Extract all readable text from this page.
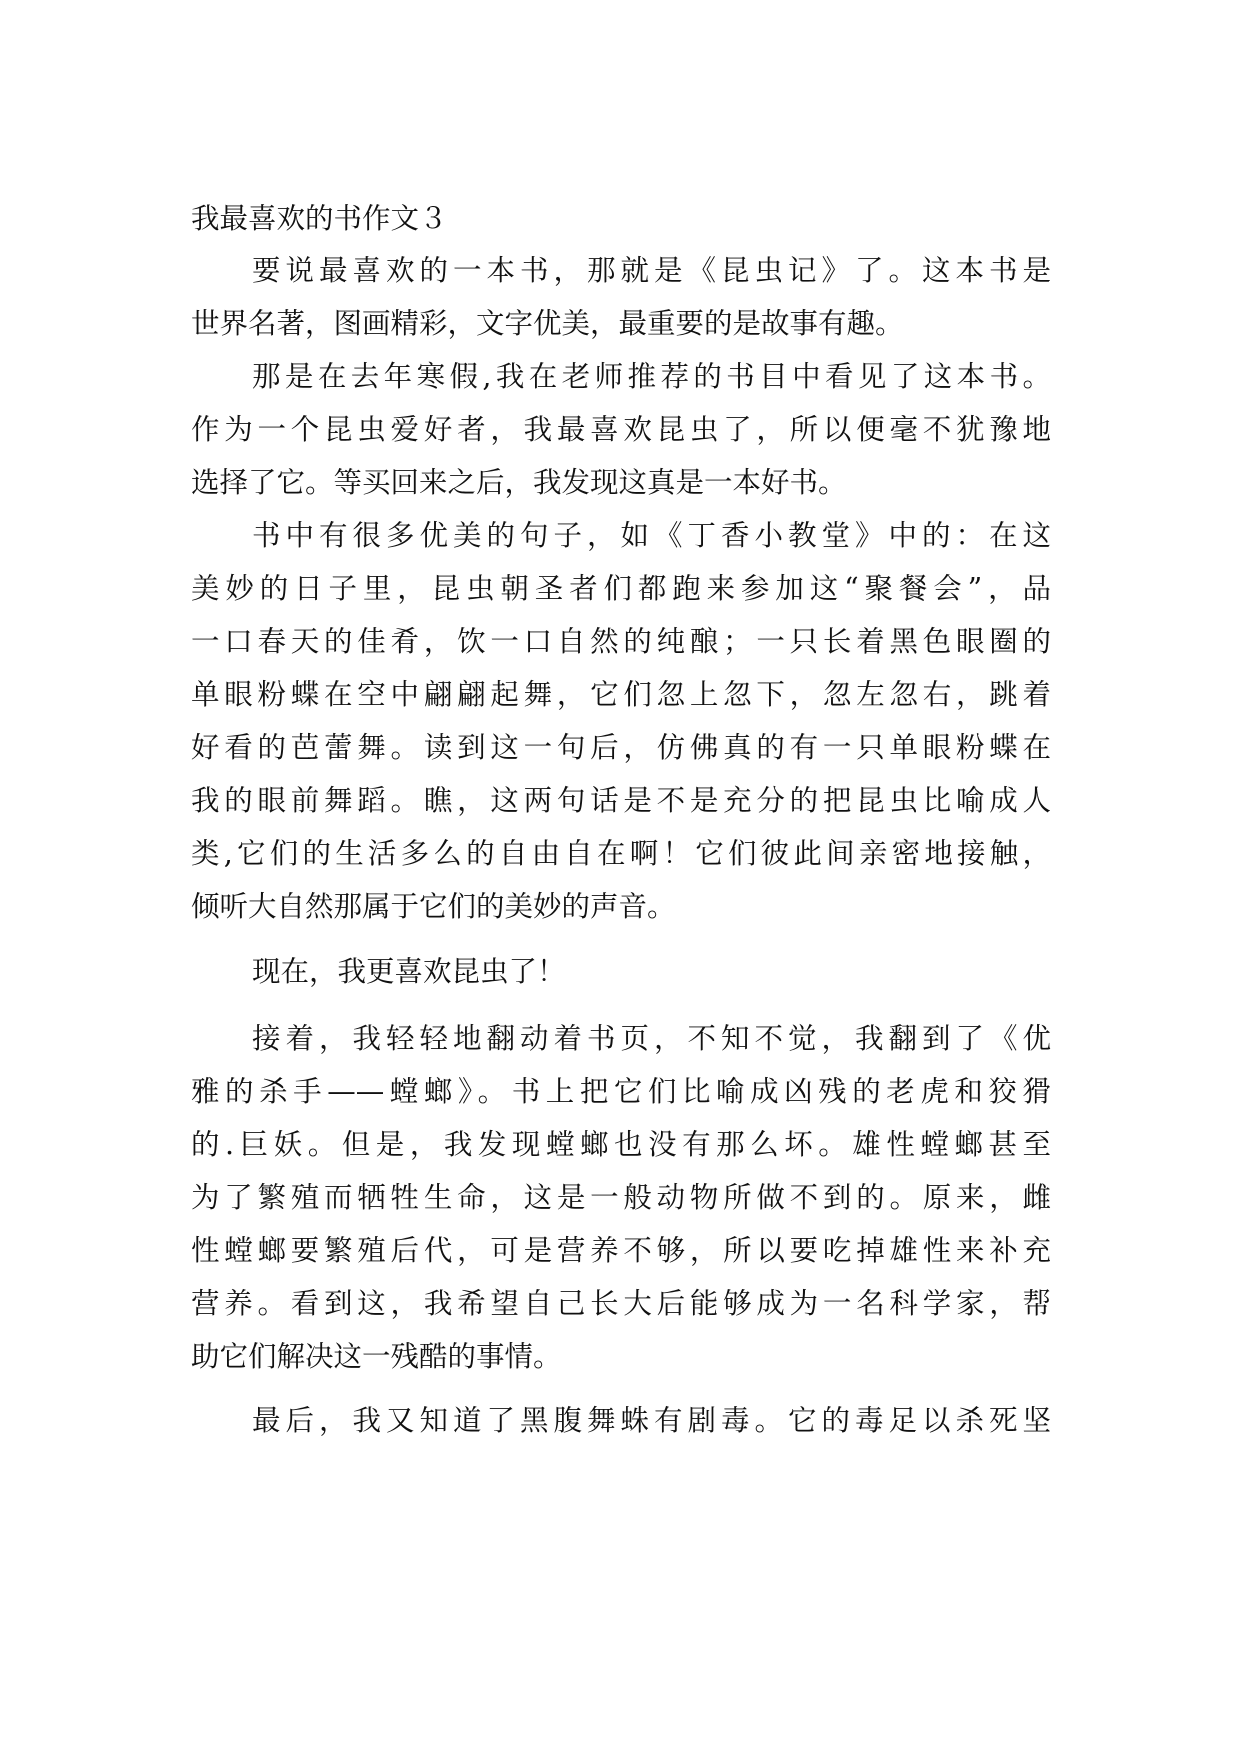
我最喜欢的书作文３
要说最喜欢的一本书，那就是《昆虫记》了。这本书是
世界名著，图画精彩，文字优美，最重要的是故事有趣。
那是在去年寒假,我在老师推荐的书目中看见了这本书。
作为一个昆虫爱好者，我最喜欢昆虫了，所以便毫不犹豫地
选择了它。等买回来之后，我发现这真是一本好书。
书中有很多优美的句子，如《丁香小教堂》中的：在这
美妙的日子里，昆虫朝圣者们都跑来参加这“聚餐会”，品
一口春天的佳肴，饮一口自然的纯酿；一只长着黑色眼圈的
单眼粉蝶在空中翩翩起舞，它们忽上忽下，忽左忽右，跳着
好看的芭蕾舞。读到这一句后，仿佛真的有一只单眼粉蝶在
我的眼前舞蹈。瞧，这两句话是不是充分的把昆虫比喻成人
类,它们的生活多么的自由自在啊！它们彼此间亲密地接触，
倾听大自然那属于它们的美妙的声音。
现在，我更喜欢昆虫了！
接着，我轻轻地翻动着书页，不知不觉，我翻到了《优
雅的杀手——螳螂》。书上把它们比喻成凶残的老虎和狡猾
的.巨妖。但是，我发现螳螂也没有那么坏。雄性螳螂甚至
为了繁殖而牺牲生命，这是一般动物所做不到的。原来，雌
性螳螂要繁殖后代，可是营养不够，所以要吃掉雄性来补充
营养。看到这，我希望自己长大后能够成为一名科学家，帮
助它们解决这一残酷的事情。
最后，我又知道了黑腹舞蛛有剧毒。它的毒足以杀死坚
